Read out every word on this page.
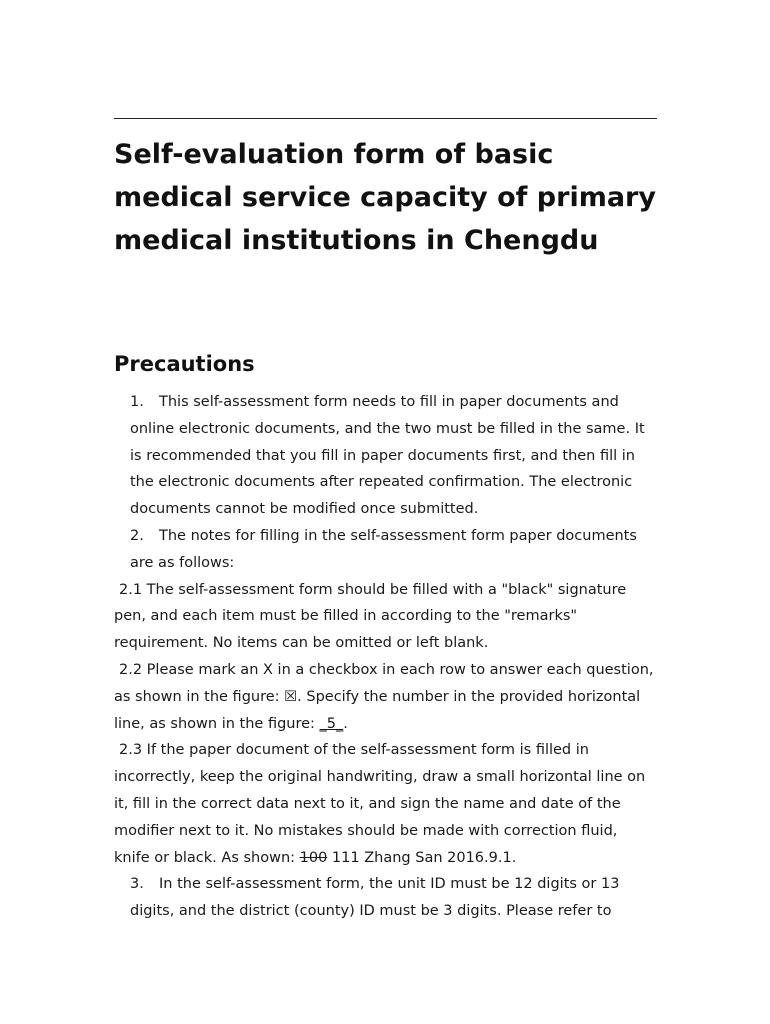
Self-evaluation form of basic medical service capacity of primary medical institutions in Chengdu
Precautions

1. This self-assessment form needs to fill in paper documents and online electronic documents, and the two must be filled in the same. It is recommended that you fill in paper documents first, and then fill in the electronic documents after repeated confirmation. The electronic documents cannot be modified once submitted.

2. The notes for filling in the self-assessment form paper documents are as follows:

2.1 The self-assessment form should be filled with a "black" signature pen, and each item must be filled in according to the "remarks" requirement. No items can be omitted or left blank.

2.2 Please mark an X in a checkbox in each row to answer each question, as shown in the figure: ☒. Specify the number in the provided horizontal line, as shown in the figure: _5_.

2.3 If the paper document of the self-assessment form is filled in incorrectly, keep the original handwriting, draw a small horizontal line on it, fill in the correct data next to it, and sign the name and date of the modifier next to it. No mistakes should be made with correction fluid, knife or black. As shown: 100 111 Zhang San 2016.9.1.

3. In the self-assessment form, the unit ID must be 12 digits or 13 digits, and the district (county) ID must be 3 digits. Please refer to
